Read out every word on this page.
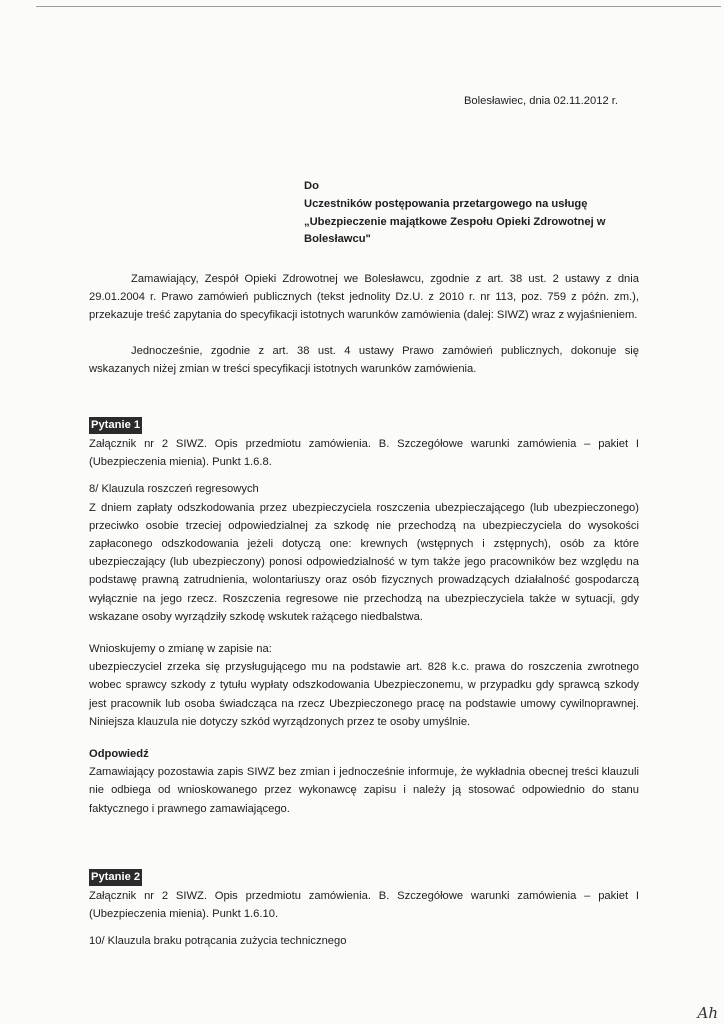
Bolesławiec, dnia 02.11.2012 r.
Do
Uczestników postępowania przetargowego na usługę
„Ubezpieczenie majątkowe Zespołu Opieki Zdrowotnej w
Bolesławcu"

Zamawiający, Zespół Opieki Zdrowotnej we Bolesławcu, zgodnie z art. 38 ust. 2 ustawy z dnia 29.01.2004 r. Prawo zamówień publicznych (tekst jednolity Dz.U. z 2010 r. nr 113, poz. 759 z późn. zm.), przekazuje treść zapytania do specyfikacji istotnych warunków zamówienia (dalej: SIWZ) wraz z wyjaśnieniem.

Jednocześnie, zgodnie z art. 38 ust. 4 ustawy Prawo zamówień publicznych, dokonuje się wskazanych niżej zmian w treści specyfikacji istotnych warunków zamówienia.

Pytanie 1

Załącznik nr 2 SIWZ. Opis przedmiotu zamówienia. B. Szczegółowe warunki zamówienia – pakiet I (Ubezpieczenia mienia). Punkt 1.6.8.

8/ Klauzula roszczeń regresowych

Z dniem zapłaty odszkodowania przez ubezpieczyciela roszczenia ubezpieczającego (lub ubezpieczonego) przeciwko osobie trzeciej odpowiedzialnej za szkodę nie przechodzą na ubezpieczyciela do wysokości zapłaconego odszkodowania jeżeli dotyczą one: krewnych (wstępnych i zstępnych), osób za które ubezpieczający (lub ubezpieczony) ponosi odpowiedzialność w tym także jego pracowników bez względu na podstawę prawną zatrudnienia, wolontariuszy oraz osób fizycznych prowadzących działalność gospodarczą wyłącznie na jego rzecz. Roszczenia regresowe nie przechodzą na ubezpieczyciela także w sytuacji, gdy wskazane osoby wyrządziły szkodę wskutek rażącego niedbalstwa.

Wnioskujemy o zmianę w zapisie na:

ubezpieczyciel zrzeka się przysługującego mu na podstawie art. 828 k.c. prawa do roszczenia zwrotnego wobec sprawcy szkody z tytułu wypłaty odszkodowania Ubezpieczonemu, w przypadku gdy sprawcą szkody jest pracownik lub osoba świadcząca na rzecz Ubezpieczonego pracę na podstawie umowy cywilnoprawnej. Niniejsza klauzula nie dotyczy szkód wyrządzonych przez te osoby umyślnie.

Odpowiedź

Zamawiający pozostawia zapis SIWZ bez zmian i jednocześnie informuje, że wykładnia obecnej treści klauzuli nie odbiega od wnioskowanego przez wykonawcę zapisu i należy ją stosować odpowiednio do stanu faktycznego i prawnego zamawiającego.

Pytanie 2

Załącznik nr 2 SIWZ. Opis przedmiotu zamówienia. B. Szczegółowe warunki zamówienia – pakiet I (Ubezpieczenia mienia). Punkt 1.6.10.

10/ Klauzula braku potrącania zużycia technicznego

Ah
